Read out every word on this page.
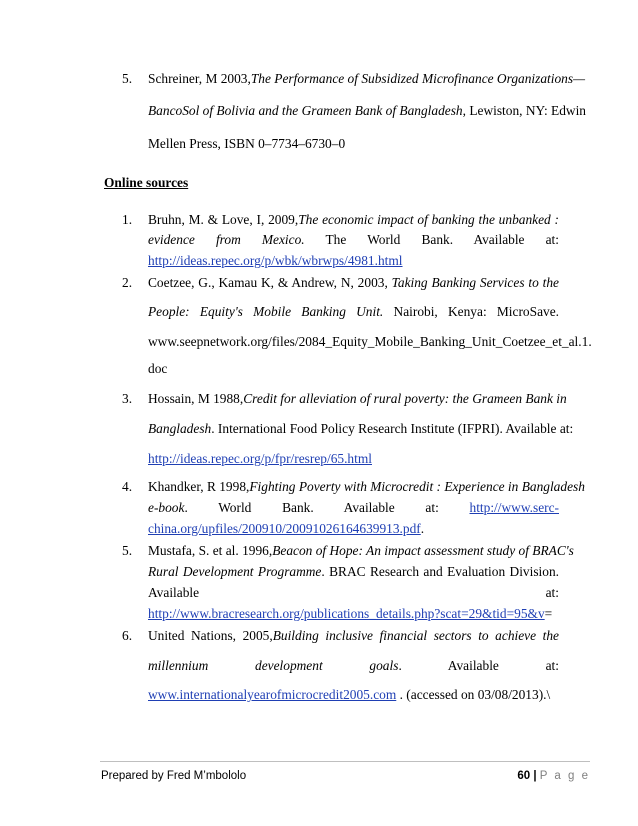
5. Schreiner, M 2003,The Performance of Subsidized Microfinance Organizations—
BancoSol of Bolivia and the Grameen Bank of Bangladesh, Lewiston, NY: Edwin
Mellen Press, ISBN 0–7734–6730–0
Online sources
1. Bruhn, M. & Love, I, 2009,The economic impact of banking the unbanked :
evidence from Mexico. The World Bank. Available at:
http://ideas.repec.org/p/wbk/wbrwps/4981.html
2. Coetzee, G., Kamau K, & Andrew, N, 2003, Taking Banking Services to the
People: Equity's Mobile Banking Unit. Nairobi, Kenya: MicroSave.
www.seepnetwork.org/files/2084_Equity_Mobile_Banking_Unit_Coetzee_et_al.1.
doc
3. Hossain, M 1988,Credit for alleviation of rural poverty: the Grameen Bank in
Bangladesh. International Food Policy Research Institute (IFPRI). Available at:
http://ideas.repec.org/p/fpr/resrep/65.html
4. Khandker, R 1998,Fighting Poverty with Microcredit : Experience in Bangladesh
e-book. World Bank. Available at: http://www.serc-
china.org/upfiles/200910/20091026164639913.pdf.
5. Mustafa, S. et al. 1996,Beacon of Hope: An impact assessment study of BRAC's
Rural Development Programme. BRAC Research and Evaluation Division.
Available	at:
http://www.bracresearch.org/publications_details.php?scat=29&tid=95&v=
6. United Nations, 2005,Building inclusive financial sectors to achieve the
millennium development goals. Available at:
www.internationalyearofmicrocredit2005.com . (accessed on 03/08/2013).\
Prepared by Fred M’mbololo	60 | P a g e
